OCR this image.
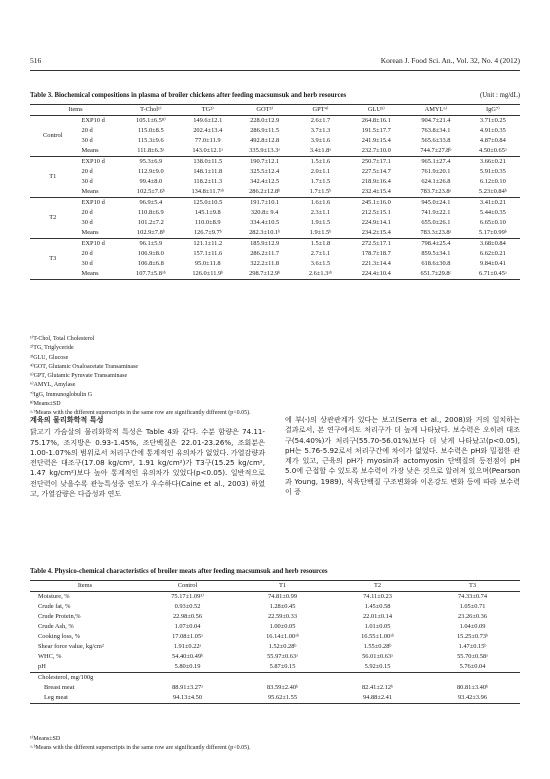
516	Korean J. Food Sci. An., Vol. 32, No. 4 (2012)
Table 3. Biochemical compositions in plasma of broiler chickens after feeding macsumsuk and herb resources	(Unit : mg/dL)
Items		T-Chol¹⁾	TG²⁾	GOT³⁾	GPT⁴⁾	GLU⁵⁾	AMYL⁶⁾	IgG⁷⁾
Control	EXP10 d	105.1±6.5⁸⁾	149.6±12.1	228.0±12.9	2.6±1.7	264.8±16.1	904.7±21.4	3.71±0.25
	20 d	115.0±8.5	202.4±13.4	286.9±11.5	3.7±1.3	191.5±17.7	763.8±34.1	4.91±0.35
	30 d	115.3±9.6	77.0±11.9	492.8±12.8	3.9±1.6	241.9±15.4	565.6±33.8	4.87±0.84
	Means	111.8±6.3ᵃ	143.0±12.1ᵃ	335.9±13.3ᵃ	3.4±1.8ᵃ	232.7±10.0	744.7±27.8ᵇ	4.50±0.65ᵃ
T1	EXP10 d	95.3±6.9	138.0±11.5	190.7±12.1	1.5±1.6	250.7±17.1	965.1±27.4	3.66±0.21
	20 d	112.9±9.0	148.1±11.8	325.5±12.4	2.0±1.1	227.5±14.7	761.9±20.1	5.91±0.35
	30 d	99.4±8.0	118.2±11.3	342.4±12.5	1.7±1.5	218.9±16.4	624.1±26.8	6.12±0.10
	Means	102.5±7.6ᵇ	134.8±11.7ᵃᵇ	286.2±12.8ᵇ	1.7±1.5ᵇ	232.4±15.4	783.7±23.8ᵃ	5.23±0.84ᵇ
T2	EXP10 d	96.9±5.4	125.0±10.5	191.7±10.1	1.6±1.6	245.1±16.0	945.0±24.1	3.41±0.21
	20 d	110.8±6.9	145.1±9.8	320.8± 9.4	2.3±1.1	212.5±15.1	741.9±22.1	5.44±0.35
	30 d	101.2±7.2	110.0±8.9	334.4±10.5	1.9±1.5	224.9±14.1	655.0±26.1	6.65±0.10
	Means	102.9±7.8ᵇ	126.7±9.7ᵇ	282.3±10.1ᵇ	1.9±1.5ᵇ	234.2±15.4	783.3±23.8ᵃ	5.17±0.99ᵇ
T3	EXP10 d	96.1±5.9	121.1±11.2	185.9±12.9	1.5±1.8	272.5±17.1	798.4±25.4	3.68±0.84
	20 d	106.9±8.0	157.1±11.6	286.2±11.7	2.7±1.1	178.7±18.7	859.5±34.1	6.62±0.21
	30 d	106.8±6.8	95.0±11.8	322.2±11.8	3.6±1.5	221.3±14.4	618.6±30.8	9.84±0.41
	Means	107.7±5.8ᵃᵇ	126.0±11.9ᵇ	298.7±12.9ᵇ	2.6±1.3ᵃᵇ	224.4±10.4	651.7±29.8ᶜ	6.71±0.45ᵃ
¹⁾T-Chol, Total Cholesterol
²⁾TG, Triglyceride
³⁾GLU, Glucose
⁴⁾GOT, Glutamic Oxaloacetate Transaminase
⁵⁾GPT, Glutamic Pyruvate Transaminase
⁶⁾AMYL, Amylase
⁷⁾IgG, Immunoglobulin G
⁸⁾Means±SD
ᵃ·ᵇMeans with the different superscripts in the same row are significantly different (p<0.05).
계육의 물리화학적 특성

닭고기 가슴살의 물리화학적 특성은 Table 4와 같다. 수분 함량은 74.11-75.17%, 조지방은 0.93-1.45%, 조단백질은 22.01-23.26%, 조회분은 1.00-1.07%의 범위로서 처리구간에 통계적인 유의차가 없었다. 가열감량과 전단력은 대조구(17.08 kg/cm², 1.91 kg/cm²)가 T3구(15.25 kg/cm², 1.47 kg/cm²)보다 높아 통계적인 유의차가 있었다(p<0.05). 일반적으로 전단력이 낮을수록 관능특성중 연도가 우수하다(Caine et al., 2003) 하였고, 가열감량은 다즙성과 연도

에 부(-)의 상관관계가 있다는 보고(Serra et al., 2008)와 거의 일치하는 결과로서, 본 연구에서도 처리구가 더 높게 나타났다. 보수력은 오히려 대조구(54.40%)가 처리구(55.70-56.01%)보다 더 낮게 나타났고(p<0.05), pH는 5.76-5.92로서 처리구간에 차이가 없었다. 보수력은 pH와 밀접한 관계가 있고, 근육의 pH가 myosin과 actomyosin 단백질의 등전점이 pH 5.0에 근접할 수 있도록 보수력이 가장 낮은 것으로 알려져 있으며(Pearson과 Young, 1989), 식육단백질 구조변화와 이온강도 변화 등에 따라 보수력이 증

Table 4. Physico-chemical characteristics of broiler meats after feeding macsumsuk and herb resources
Items	Control	T1	T2	T3
Moisture, %	75.17±1.09¹⁾	74.81±0.99	74.11±0.23	74.33±0.74
Crude fat, %	0.93±0.52	1.28±0.45	1.45±0.58	1.05±0.71
Crude Protein,%	22.98±0.56	22.59±0.33	22.01±0.14	23.26±0.36
Crude Ash, %	1.07±0.04	1.00±0.05	1.01±0.05	1.04±0.09
Cooking loss, %	17.08±1.05ᵃ	16.14±1.00ᵃᵇ	16.55±1.00ᵃᵇ	15.25±0.73ᵇ
Shear force value, kg/cm²	1.91±0.22ᵃ	1.52±0.28ᵇ	1.55±0.28ᵇ	1.47±0.15ᵇ
WHC, %	54.40±0.49ᵇ	55.97±0.63ᵃ	56.01±0.63ᵃ	55.70±0.58ᵃ
pH	5.80±0.19	5.87±0.15	5.92±0.15	5.76±0.04
Cholesterol, mg/100g				
Breast meat	88.91±3.27ᵃ	83.59±2.40ᵇ	82.41±2.12ᵇ	80.81±3.40ᵇ
Leg meat	94.13±4.50	95.62±1.55	94.88±2.41	93.42±3.96
¹⁾Means±SD
ᵃ·ᵇMeans with the different superscripts in the same row are significantly different (p<0.05).
